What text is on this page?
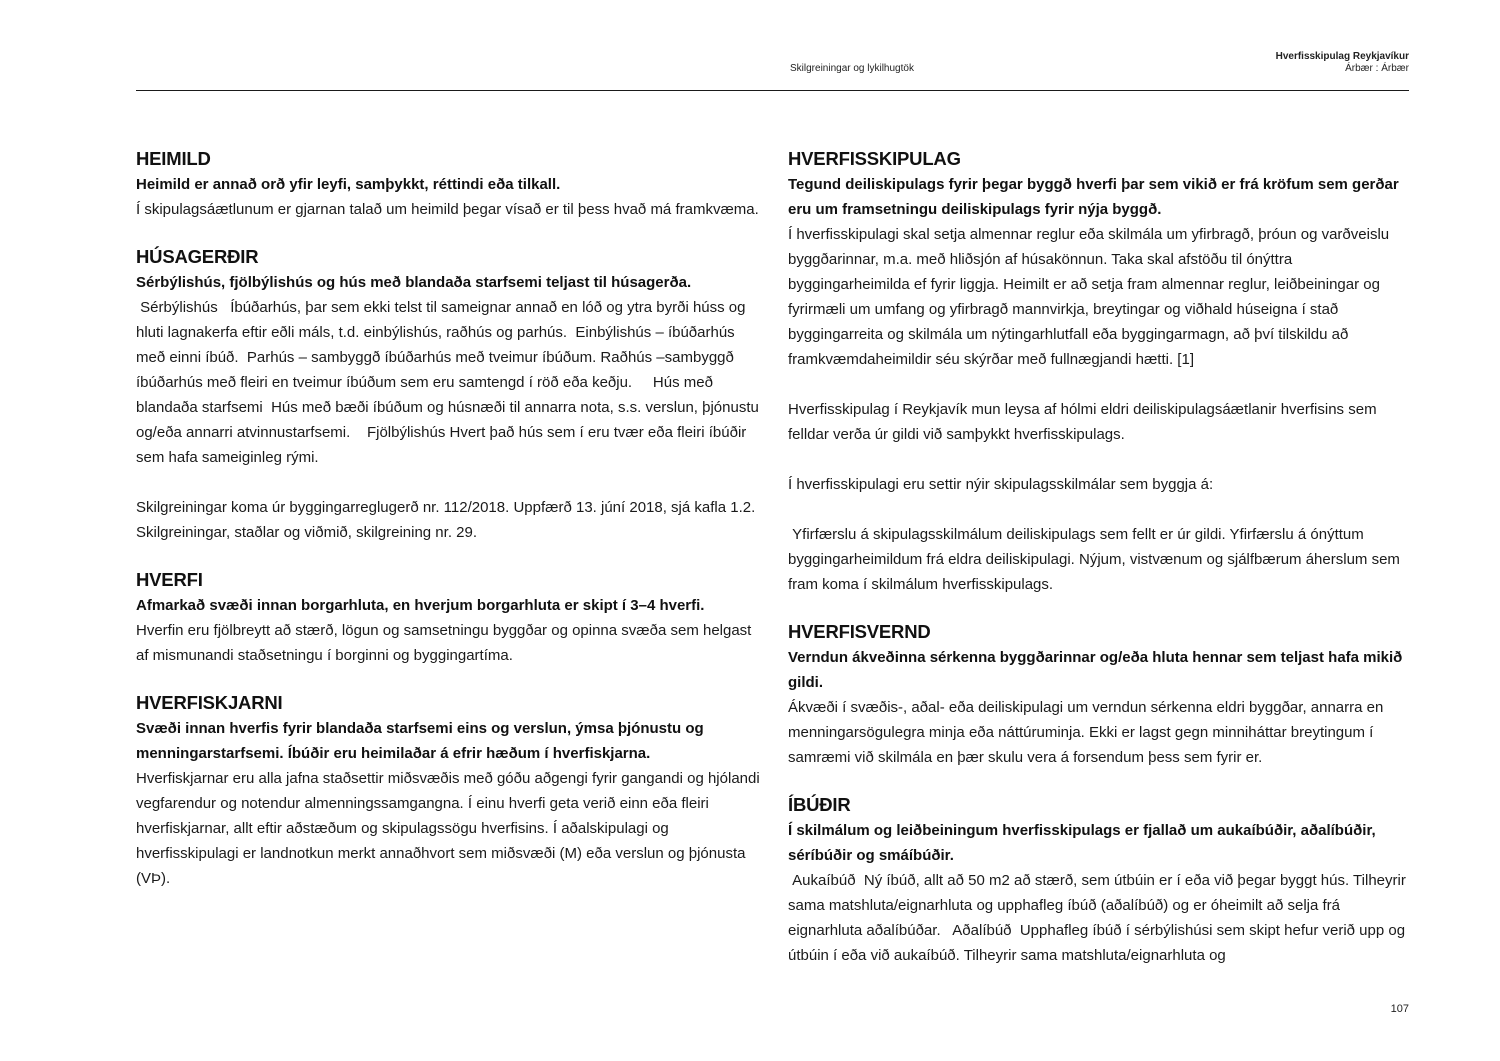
Skilgreiningar og lykilhugtök
Hverfisskipulag Reykjavíkur
Árbær : Árbær
HEIMILD

Heimild er annað orð yfir leyfi, samþykkt, réttindi eða tilkall.

Í skipulagsáætlunum er gjarnan talað um heimild þegar vísað er til þess hvað má framkvæma.

HÚSAGERÐIR

Sérbýlishús, fjölbýlishús og hús með blandaða starfsemi teljast til húsagerða.

Sérbýlishús   Íbúðarhús, þar sem ekki telst til sameignar annað en lóð og ytra byrði húss og hluti lagnakerfa eftir eðli máls, t.d. einbýlishús, raðhús og parhús.  Einbýlishús – íbúðarhús með einni íbúð.  Parhús – sambyggð íbúðarhús með tveimur íbúðum. Raðhús –sambyggð íbúðarhús með fleiri en tveimur íbúðum sem eru samtengd í röð eða keðju.     Hús með blandaða starfsemi  Hús með bæði íbúðum og húsnæði til annarra nota, s.s. verslun, þjónustu og/eða annarri atvinnustarfsemi.    Fjölbýlishús Hvert það hús sem í eru tvær eða fleiri íbúðir sem hafa sameiginleg rými.

Skilgreiningar koma úr byggingarreglugerð nr. 112/2018. Uppfærð 13. júní 2018, sjá kafla 1.2. Skilgreiningar, staðlar og viðmið, skilgreining nr. 29.

HVERFI

Afmarkað svæði innan borgarhluta, en hverjum borgarhluta er skipt í 3–4 hverfi.

Hverfin eru fjölbreytt að stærð, lögun og samsetningu byggðar og opinna svæða sem helgast af mismunandi staðsetningu í borginni og byggingartíma.

HVERFISKJARNI

Svæði innan hverfis fyrir blandaða starfsemi eins og verslun, ýmsa þjónustu og menningarstarfsemi. Íbúðir eru heimilaðar á efrir hæðum í hverfiskjarna.

Hverfiskjarnar eru alla jafna staðsettir miðsvæðis með góðu aðgengi fyrir gangandi og hjólandi vegfarendur og notendur almenningssamgangna. Í einu hverfi geta verið einn eða fleiri hverfiskjarnar, allt eftir aðstæðum og skipulagssögu hverfisins. Í aðalskipulagi og hverfisskipulagi er landnotkun merkt annaðhvort sem miðsvæði (M) eða verslun og þjónusta (VÞ).

HVERFISSKIPULAG

Tegund deiliskipulags fyrir þegar byggð hverfi þar sem vikið er frá kröfum sem gerðar eru um framsetningu deiliskipulags fyrir nýja byggð.

Í hverfisskipulagi skal setja almennar reglur eða skilmála um yfirbragð, þróun og varðveislu byggðarinnar, m.a. með hliðsjón af húsakönnun. Taka skal afstöðu til ónýttra byggingarheimilda ef fyrir liggja. Heimilt er að setja fram almennar reglur, leiðbeiningar og fyrirmæli um umfang og yfirbragð mannvirkja, breytingar og viðhald húseigna í stað byggingarreita og skilmála um nýtingarhlutfall eða byggingarmagn, að því tilskildu að framkvæmdaheimildir séu skýrðar með fullnægjandi hætti. [1]

Hverfisskipulag í Reykjavík mun leysa af hólmi eldri deiliskipulagsáætlanir hverfisins sem felldar verða úr gildi við samþykkt hverfisskipulags.

Í hverfisskipulagi eru settir nýir skipulagsskilmálar sem byggja á:

Yfirfærslu á skipulagsskilmálum deiliskipulags sem fellt er úr gildi. Yfirfærslu á ónýttum byggingarheimildum frá eldra deiliskipulagi. Nýjum, vistvænum og sjálfbærum áherslum sem fram koma í skilmálum hverfisskipulags.

HVERFISVERND

Verndun ákveðinna sérkenna byggðarinnar og/eða hluta hennar sem teljast hafa mikið gildi.

Ákvæði í svæðis-, aðal- eða deiliskipulagi um verndun sérkenna eldri byggðar, annarra en menningarsögulegra minja eða náttúruminja. Ekki er lagst gegn minniháttar breytingum í samræmi við skilmála en þær skulu vera á forsendum þess sem fyrir er.

ÍBÚÐIR

Í skilmálum og leiðbeiningum hverfisskipulags er fjallað um aukaíbúðir, aðalíbúðir, séríbúðir og smáíbúðir.

Aukaíbúð  Ný íbúð, allt að 50 m2 að stærð, sem útbúin er í eða við þegar byggt hús. Tilheyrir sama matshluta/eignarhluta og upphafleg íbúð (aðalíbúð) og er óheimilt að selja frá eignarhluta aðalíbúðar.   Aðalíbúð  Upphafleg íbúð í sérbýlishúsi sem skipt hefur verið upp og útbúin í eða við aukaíbúð. Tilheyrir sama matshluta/eignarhluta og

107
